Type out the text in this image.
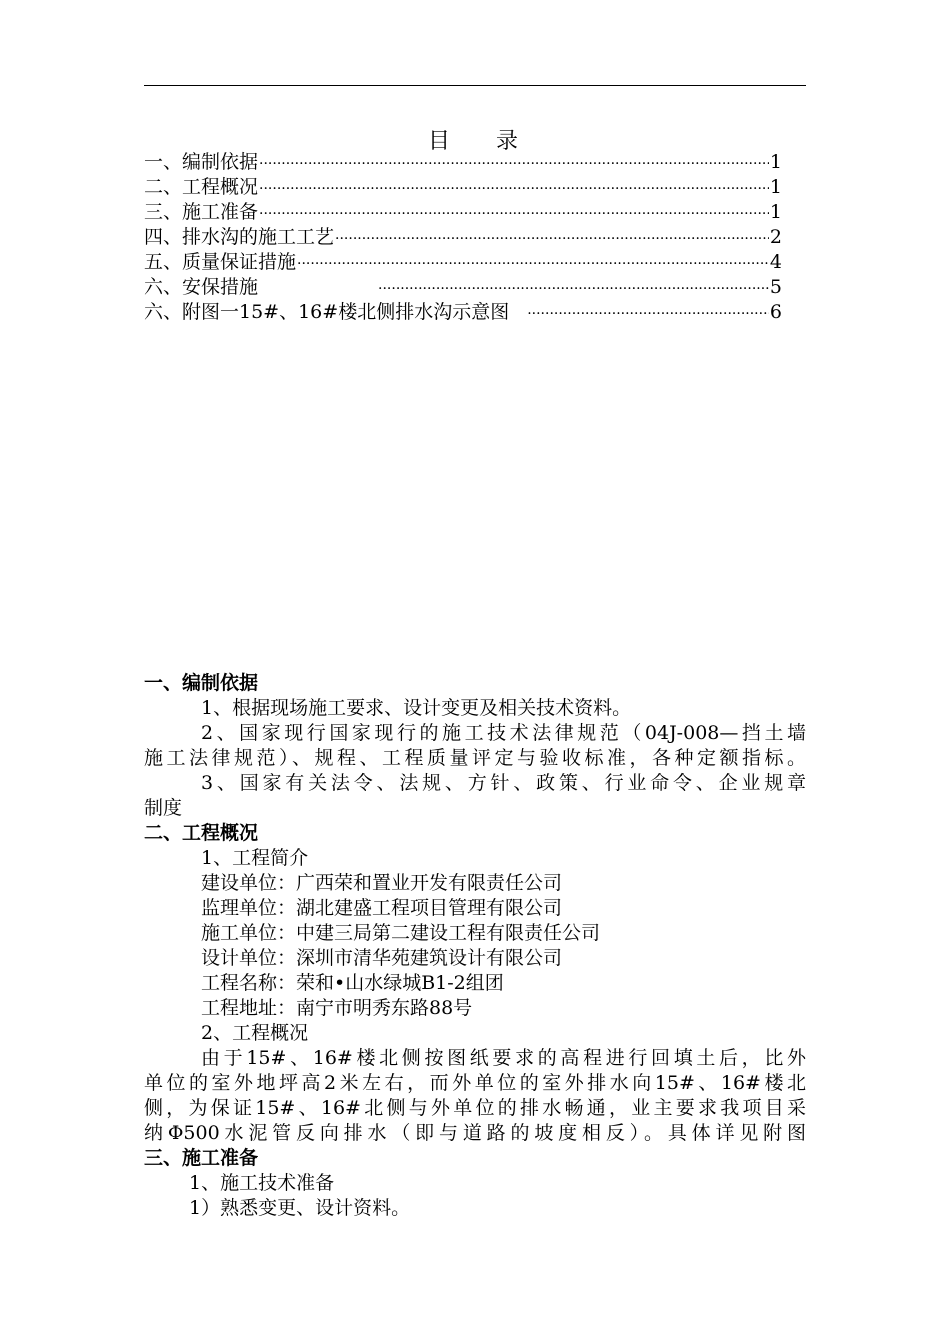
目 录
一、编制依据 ·····	1
二、工程概况 ·····	1
三、施工准备 ·····	1
四、排水沟的施工工艺 ·····	2
五、质量保证措施 ·····	4
六、安保措施 ·····	5
六、附图一15#、16#楼北侧排水沟示意图 ·····	6
一、编制依据
1、根据现场施工要求、设计变更及相关技术资料。
2、国家现行国家现行的施工技术法律规范（04J-008—挡土墙
施工法律规范）、规程、工程质量评定与验收标准，各种定额指标。
3、国家有关法令、法规、方针、政策、行业命令、企业规章
制度
二、工程概况
1、工程简介
建设单位：广西荣和置业开发有限责任公司
监理单位：湖北建盛工程项目管理有限公司
施工单位：中建三局第二建设工程有限责任公司
设计单位：深圳市清华苑建筑设计有限公司
工程名称：荣和•山水绿城B1-2组团
工程地址：南宁市明秀东路88号
2、工程概况
由于15#、16#楼北侧按图纸要求的高程进行回填土后，比外
单位的室外地坪高2米左右，而外单位的室外排水向15#、16#楼北
侧，为保证15#、16#北侧与外单位的排水畅通，业主要求我项目采
纳Φ500水泥管反向排水（即与道路的坡度相反）。具体详见附图
三、施工准备
1、施工技术准备
1）熟悉变更、设计资料。
